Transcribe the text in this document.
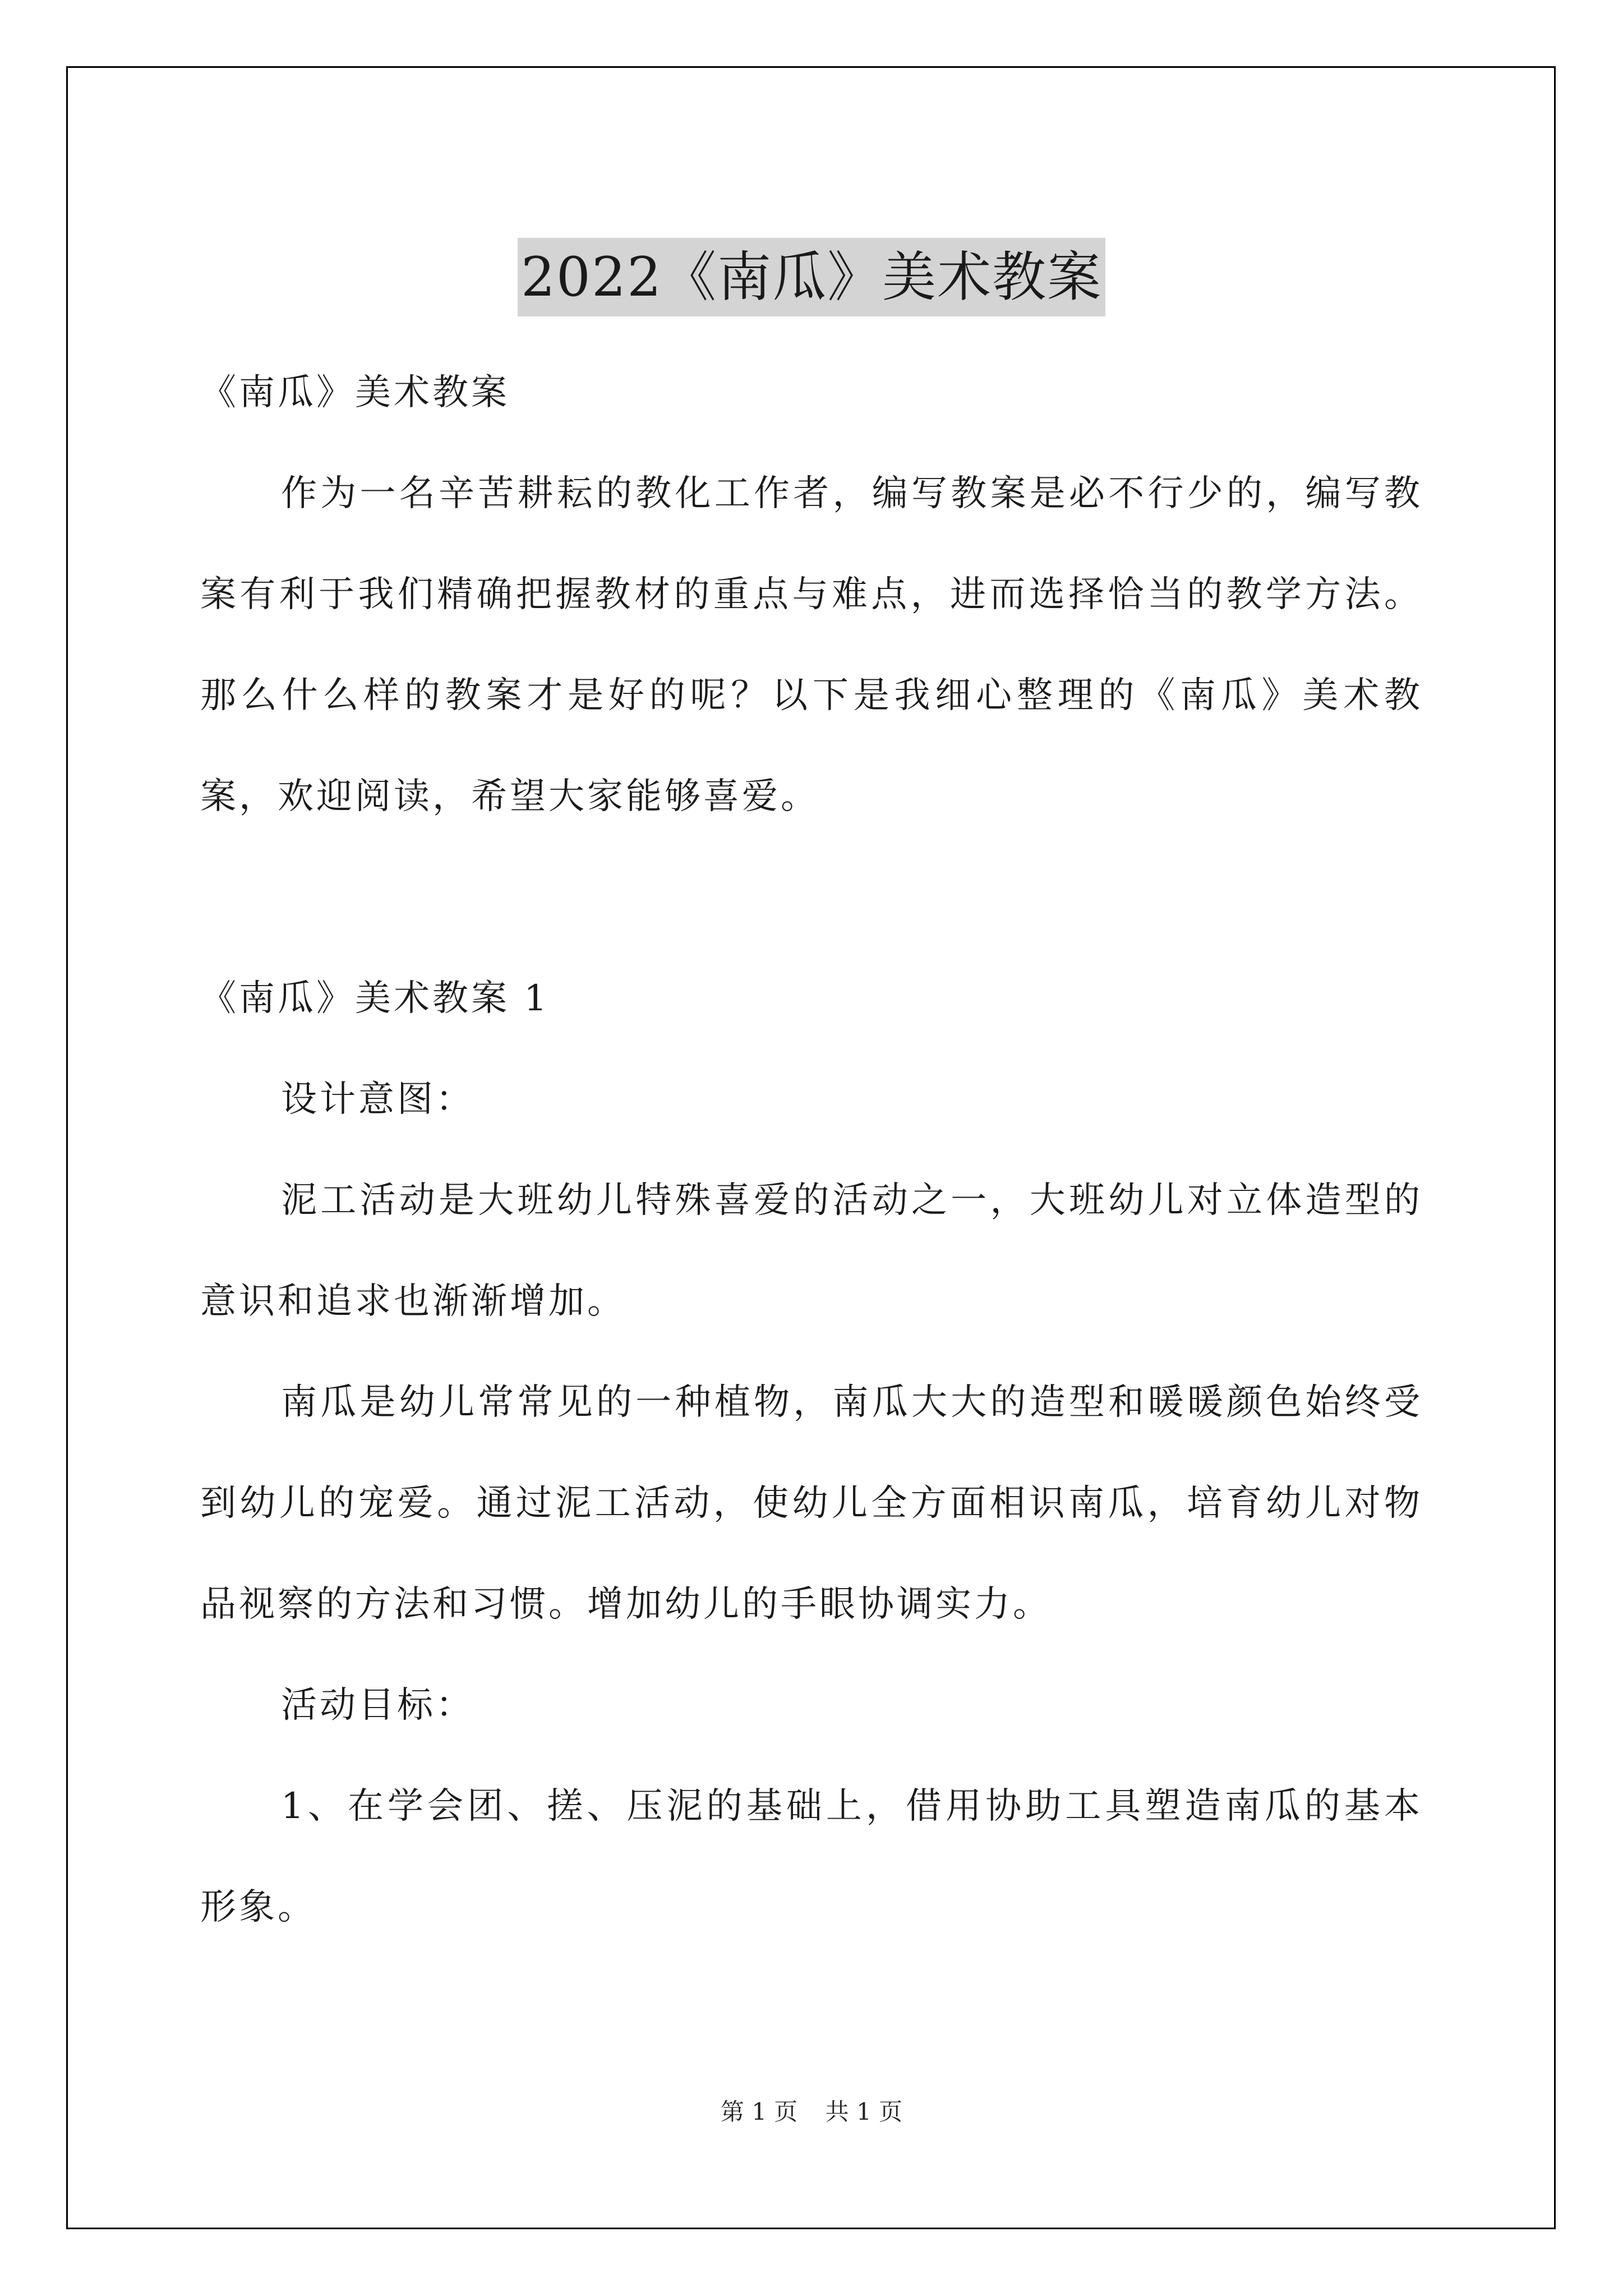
2022《南瓜》美术教案

《南瓜》美术教案

作为一名辛苦耕耘的教化工作者，编写教案是必不行少的，编写教案有利于我们精确把握教材的重点与难点，进而选择恰当的教学方法。那么什么样的教案才是好的呢？以下是我细心整理的《南瓜》美术教案，欢迎阅读，希望大家能够喜爱。

《南瓜》美术教案 1

设计意图：

泥工活动是大班幼儿特殊喜爱的活动之一，大班幼儿对立体造型的意识和追求也渐渐增加。

南瓜是幼儿常常见的一种植物，南瓜大大的造型和暖暖颜色始终受到幼儿的宠爱。通过泥工活动，使幼儿全方面相识南瓜，培育幼儿对物品视察的方法和习惯。增加幼儿的手眼协调实力。

活动目标：

1、在学会团、搓、压泥的基础上，借用协助工具塑造南瓜的基本形象。

第 1 页 共 1 页
